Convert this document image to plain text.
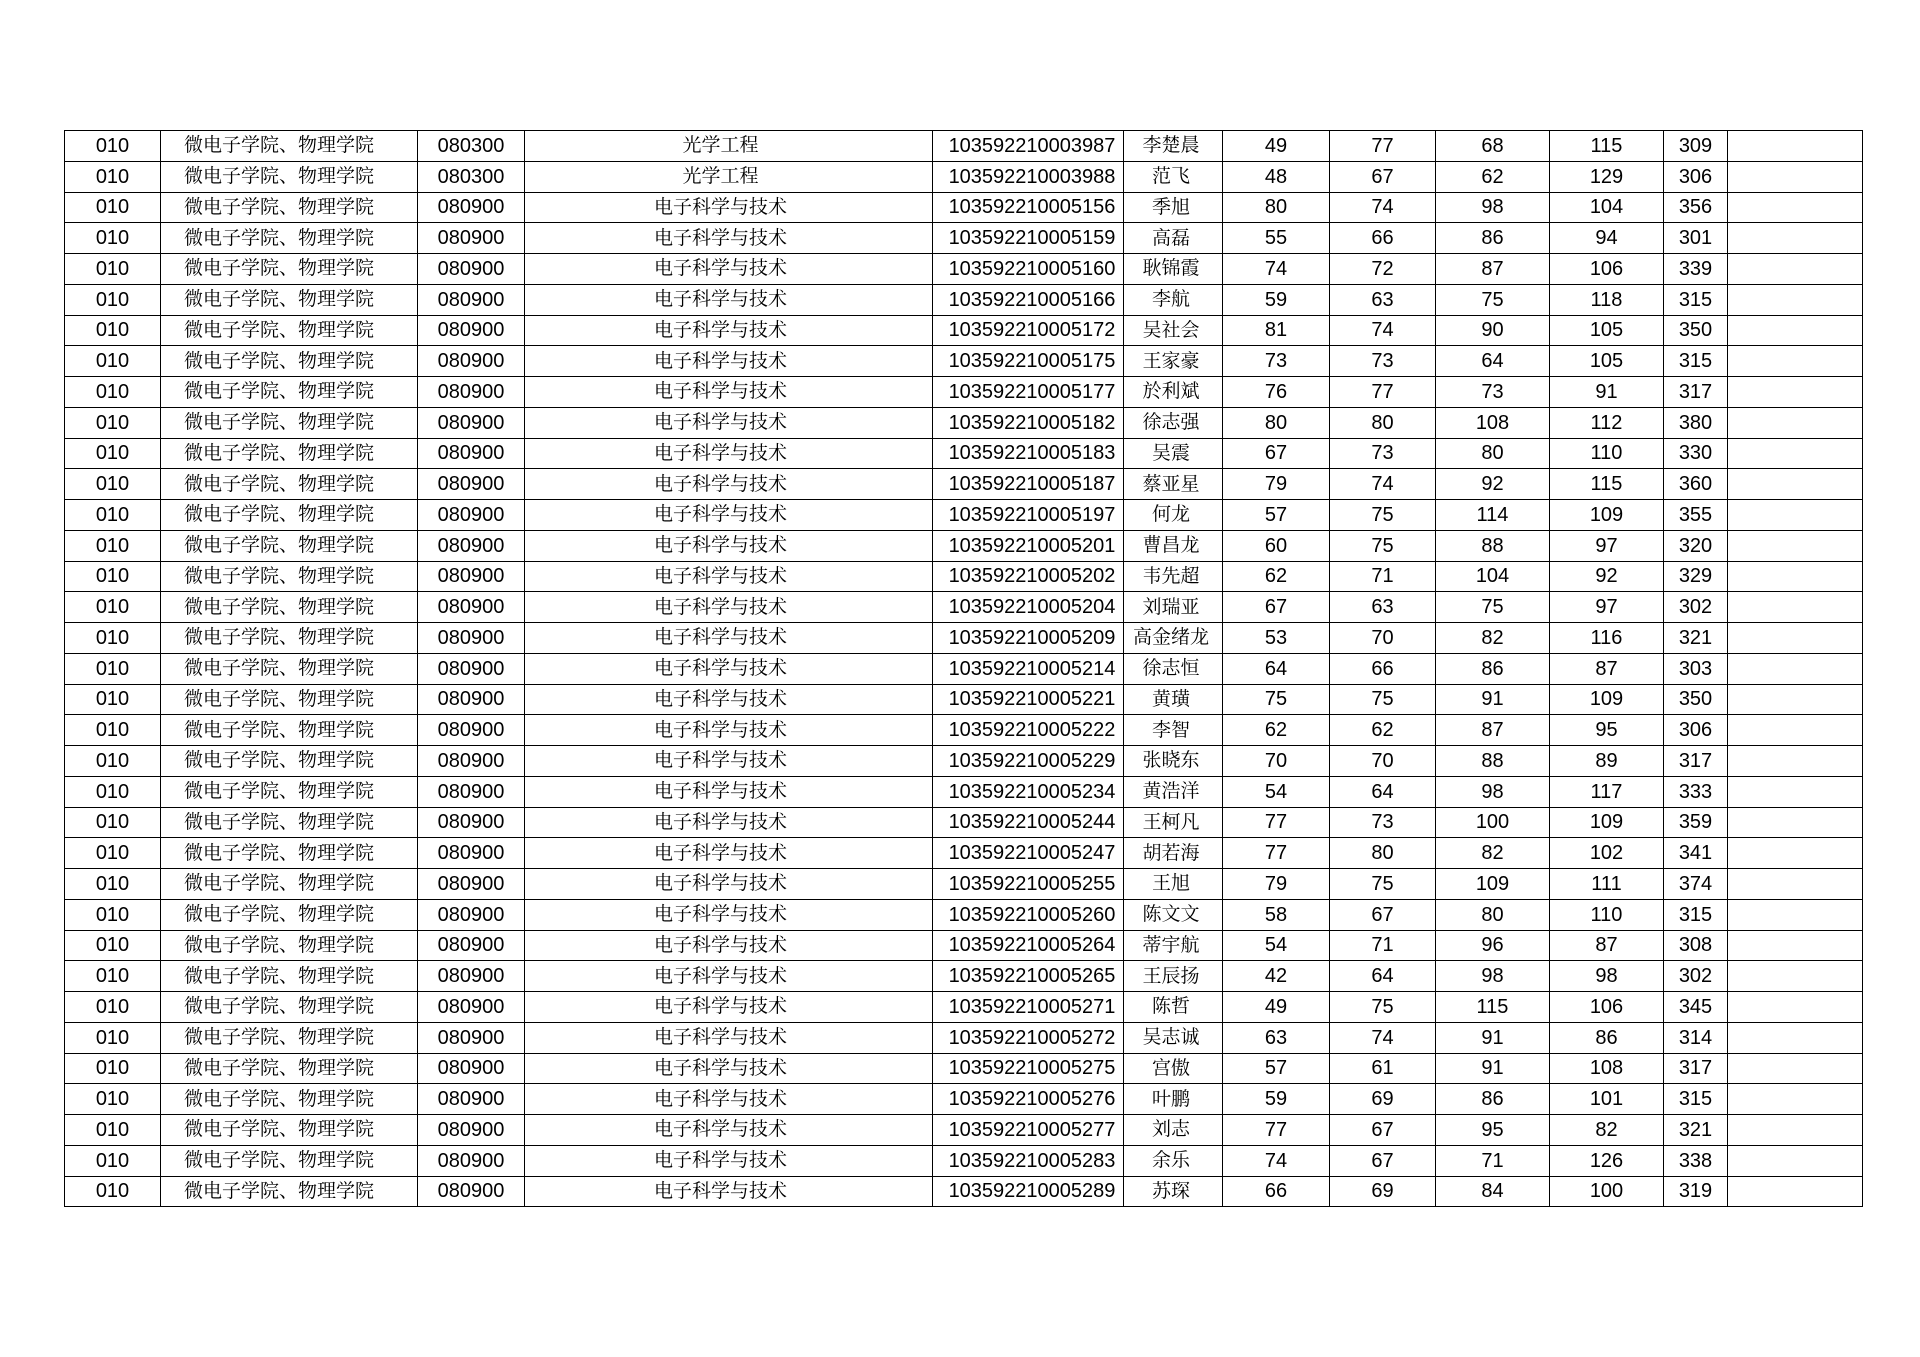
010	微电子学院、物理学院	080300	光学工程	103592210003987	李楚晨	49	77	68	115	309	
010	微电子学院、物理学院	080300	光学工程	103592210003988	范飞	48	67	62	129	306	
010	微电子学院、物理学院	080900	电子科学与技术	103592210005156	季旭	80	74	98	104	356	
010	微电子学院、物理学院	080900	电子科学与技术	103592210005159	高磊	55	66	86	94	301	
010	微电子学院、物理学院	080900	电子科学与技术	103592210005160	耿锦霞	74	72	87	106	339	
010	微电子学院、物理学院	080900	电子科学与技术	103592210005166	李航	59	63	75	118	315	
010	微电子学院、物理学院	080900	电子科学与技术	103592210005172	吴社会	81	74	90	105	350	
010	微电子学院、物理学院	080900	电子科学与技术	103592210005175	王家豪	73	73	64	105	315	
010	微电子学院、物理学院	080900	电子科学与技术	103592210005177	於利斌	76	77	73	91	317	
010	微电子学院、物理学院	080900	电子科学与技术	103592210005182	徐志强	80	80	108	112	380	
010	微电子学院、物理学院	080900	电子科学与技术	103592210005183	吴震	67	73	80	110	330	
010	微电子学院、物理学院	080900	电子科学与技术	103592210005187	蔡亚星	79	74	92	115	360	
010	微电子学院、物理学院	080900	电子科学与技术	103592210005197	何龙	57	75	114	109	355	
010	微电子学院、物理学院	080900	电子科学与技术	103592210005201	曹昌龙	60	75	88	97	320	
010	微电子学院、物理学院	080900	电子科学与技术	103592210005202	韦先超	62	71	104	92	329	
010	微电子学院、物理学院	080900	电子科学与技术	103592210005204	刘瑞亚	67	63	75	97	302	
010	微电子学院、物理学院	080900	电子科学与技术	103592210005209	高金绪龙	53	70	82	116	321	
010	微电子学院、物理学院	080900	电子科学与技术	103592210005214	徐志恒	64	66	86	87	303	
010	微电子学院、物理学院	080900	电子科学与技术	103592210005221	黄璜	75	75	91	109	350	
010	微电子学院、物理学院	080900	电子科学与技术	103592210005222	李智	62	62	87	95	306	
010	微电子学院、物理学院	080900	电子科学与技术	103592210005229	张晓东	70	70	88	89	317	
010	微电子学院、物理学院	080900	电子科学与技术	103592210005234	黄浩洋	54	64	98	117	333	
010	微电子学院、物理学院	080900	电子科学与技术	103592210005244	王柯凡	77	73	100	109	359	
010	微电子学院、物理学院	080900	电子科学与技术	103592210005247	胡若海	77	80	82	102	341	
010	微电子学院、物理学院	080900	电子科学与技术	103592210005255	王旭	79	75	109	111	374	
010	微电子学院、物理学院	080900	电子科学与技术	103592210005260	陈文文	58	67	80	110	315	
010	微电子学院、物理学院	080900	电子科学与技术	103592210005264	蒂宇航	54	71	96	87	308	
010	微电子学院、物理学院	080900	电子科学与技术	103592210005265	王辰扬	42	64	98	98	302	
010	微电子学院、物理学院	080900	电子科学与技术	103592210005271	陈哲	49	75	115	106	345	
010	微电子学院、物理学院	080900	电子科学与技术	103592210005272	吴志诚	63	74	91	86	314	
010	微电子学院、物理学院	080900	电子科学与技术	103592210005275	宫傲	57	61	91	108	317	
010	微电子学院、物理学院	080900	电子科学与技术	103592210005276	叶鹏	59	69	86	101	315	
010	微电子学院、物理学院	080900	电子科学与技术	103592210005277	刘志	77	67	95	82	321	
010	微电子学院、物理学院	080900	电子科学与技术	103592210005283	余乐	74	67	71	126	338	
010	微电子学院、物理学院	080900	电子科学与技术	103592210005289	苏琛	66	69	84	100	319	
